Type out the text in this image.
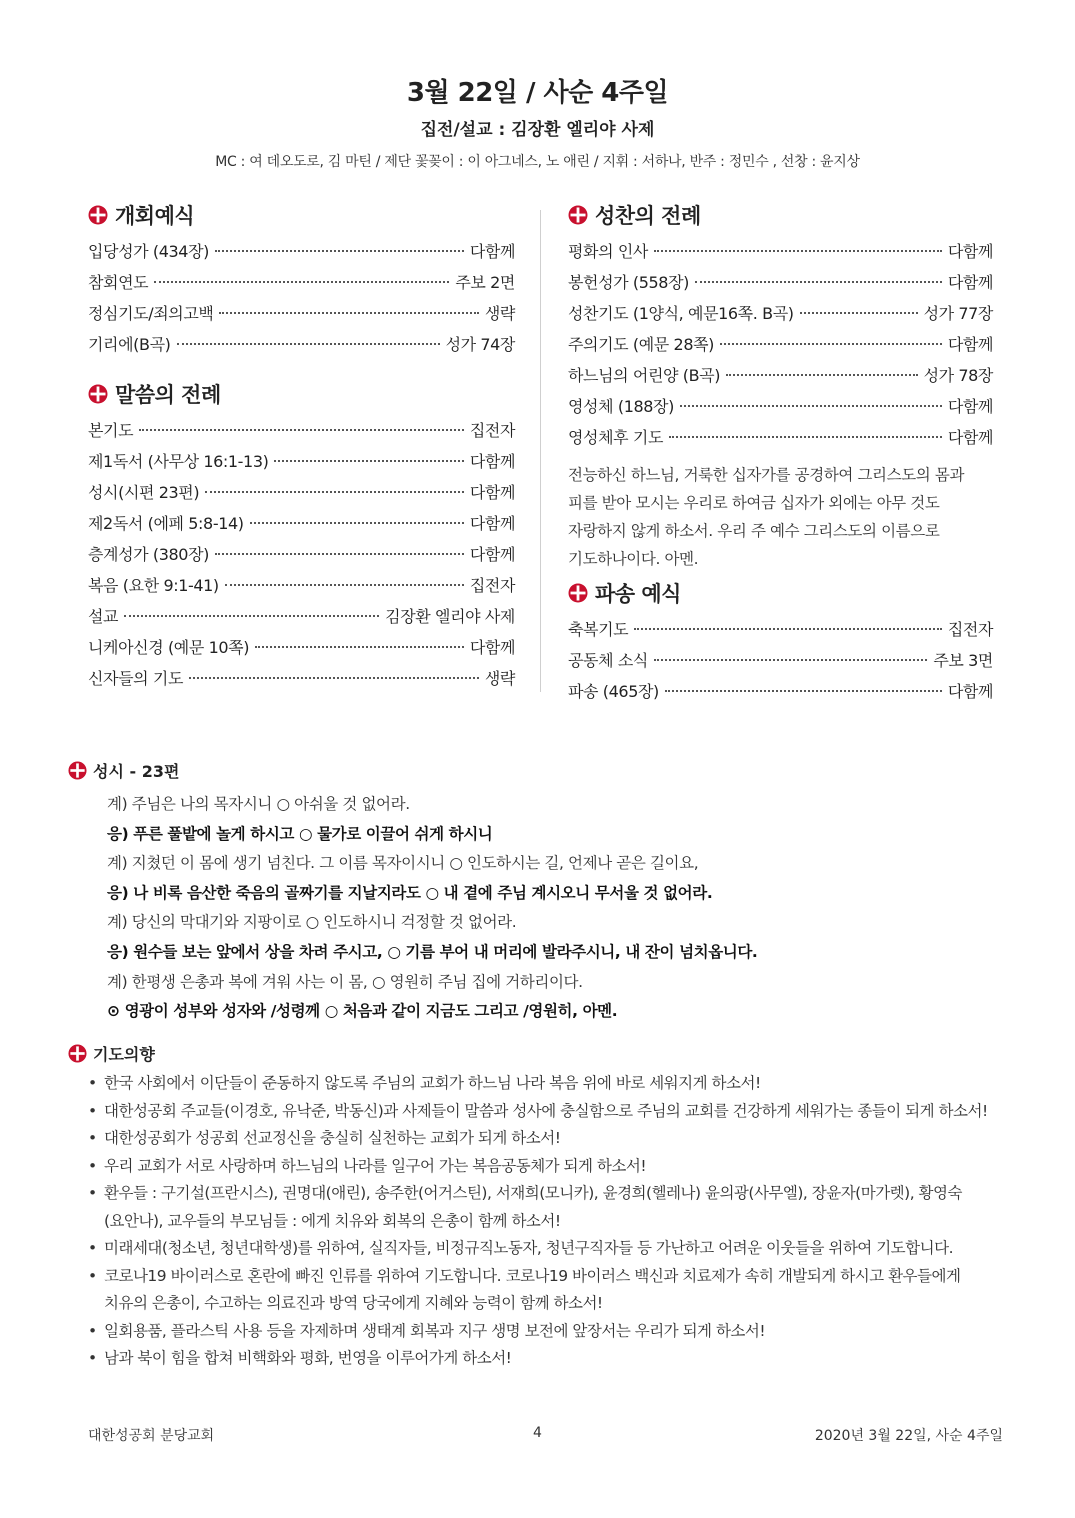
3월 22일 / 사순 4주일
집전/설교 : 김장환 엘리야 사제
MC : 여 데오도로, 김 마틴 / 제단 꽃꽂이 : 이 아그네스, 노 애린 / 지휘 : 서하나, 반주 : 정민수 , 선창 : 윤지상
개회예식
입당성가 (434장)	다함께
참회연도	주보 2면
정심기도/죄의고백	생략
기리에(B곡)	성가 74장
말씀의 전례
본기도	집전자
제1독서 (사무상 16:1-13)	다함께
성시(시편 23편)	다함께
제2독서 (에페 5:8-14)	다함께
층계성가 (380장)	다함께
복음 (요한 9:1-41)	집전자
설교	김장환 엘리야 사제
니케아신경 (예문 10쪽)	다함께
신자들의 기도	생략
성찬의 전례
평화의 인사	다함께
봉헌성가 (558장)	다함께
성찬기도 (1양식, 예문16쪽. B곡)	성가 77장
주의기도 (예문 28쪽)	다함께
하느님의 어린양 (B곡)	성가 78장
영성체 (188장)	다함께
영성체후 기도	다함께
전능하신 하느님, 거룩한 십자가를 공경하여 그리스도의 몸과 피를 받아 모시는 우리로 하여금 십자가 외에는 아무 것도 자랑하지 않게 하소서. 우리 주 예수 그리스도의 이름으로 기도하나이다. 아멘.
파송 예식
축복기도	집전자
공동체 소식	주보 3면
파송 (465장)	다함께
성시 - 23편
계) 주님은 나의 목자시니 ○ 아쉬울 것 없어라.
응) 푸른 풀밭에 놀게 하시고 ○ 물가로 이끌어 쉬게 하시니
계) 지쳤던 이 몸에 생기 넘친다. 그 이름 목자이시니 ○ 인도하시는 길, 언제나 곧은 길이요,
응) 나 비록 음산한 죽음의 골짜기를 지날지라도 ○ 내 곁에 주님 계시오니 무서울 것 없어라.
계) 당신의 막대기와 지팡이로 ○ 인도하시니 걱정할 것 없어라.
응) 원수들 보는 앞에서 상을 차려 주시고, ○ 기름 부어 내 머리에 발라주시니, 내 잔이 넘치옵니다.
계) 한평생 은총과 복에 겨워 사는 이 몸, ○ 영원히 주님 집에 거하리이다.
⊙ 영광이 성부와 성자와 /성령께 ○ 처음과 같이 지금도 그리고 /영원히, 아멘.
기도의향
• 한국 사회에서 이단들이 준동하지 않도록 주님의 교회가 하느님 나라 복음 위에 바로 세워지게 하소서!
• 대한성공회 주교들(이경호, 유낙준, 박동신)과 사제들이 말씀과 성사에 충실함으로 주님의 교회를 건강하게 세워가는 종들이 되게 하소서!
• 대한성공회가 성공회 선교정신을 충실히 실천하는 교회가 되게 하소서!
• 우리 교회가 서로 사랑하며 하느님의 나라를 일구어 가는 복음공동체가 되게 하소서!
• 환우들 : 구기설(프란시스), 권명대(애린), 송주한(어거스틴), 서재희(모니카), 윤경희(헬레나) 윤의광(사무엘), 장윤자(마가렛), 황영숙(요안나), 교우들의 부모님들 : 에게 치유와 회복의 은총이 함께 하소서!
• 미래세대(청소년, 청년대학생)를 위하여, 실직자들, 비정규직노동자, 청년구직자들 등 가난하고 어려운 이웃들을 위하여 기도합니다.
• 코로나19 바이러스로 혼란에 빠진 인류를 위하여 기도합니다. 코로나19 바이러스 백신과 치료제가 속히 개발되게 하시고 환우들에게 치유의 은총이, 수고하는 의료진과 방역 당국에게 지혜와 능력이 함께 하소서!
• 일회용품, 플라스틱 사용 등을 자제하며 생태계 회복과 지구 생명 보전에 앞장서는 우리가 되게 하소서!
• 남과 북이 힘을 합쳐 비핵화와 평화, 번영을 이루어가게 하소서!
대한성공회 분당교회	4	2020년 3월 22일, 사순 4주일
